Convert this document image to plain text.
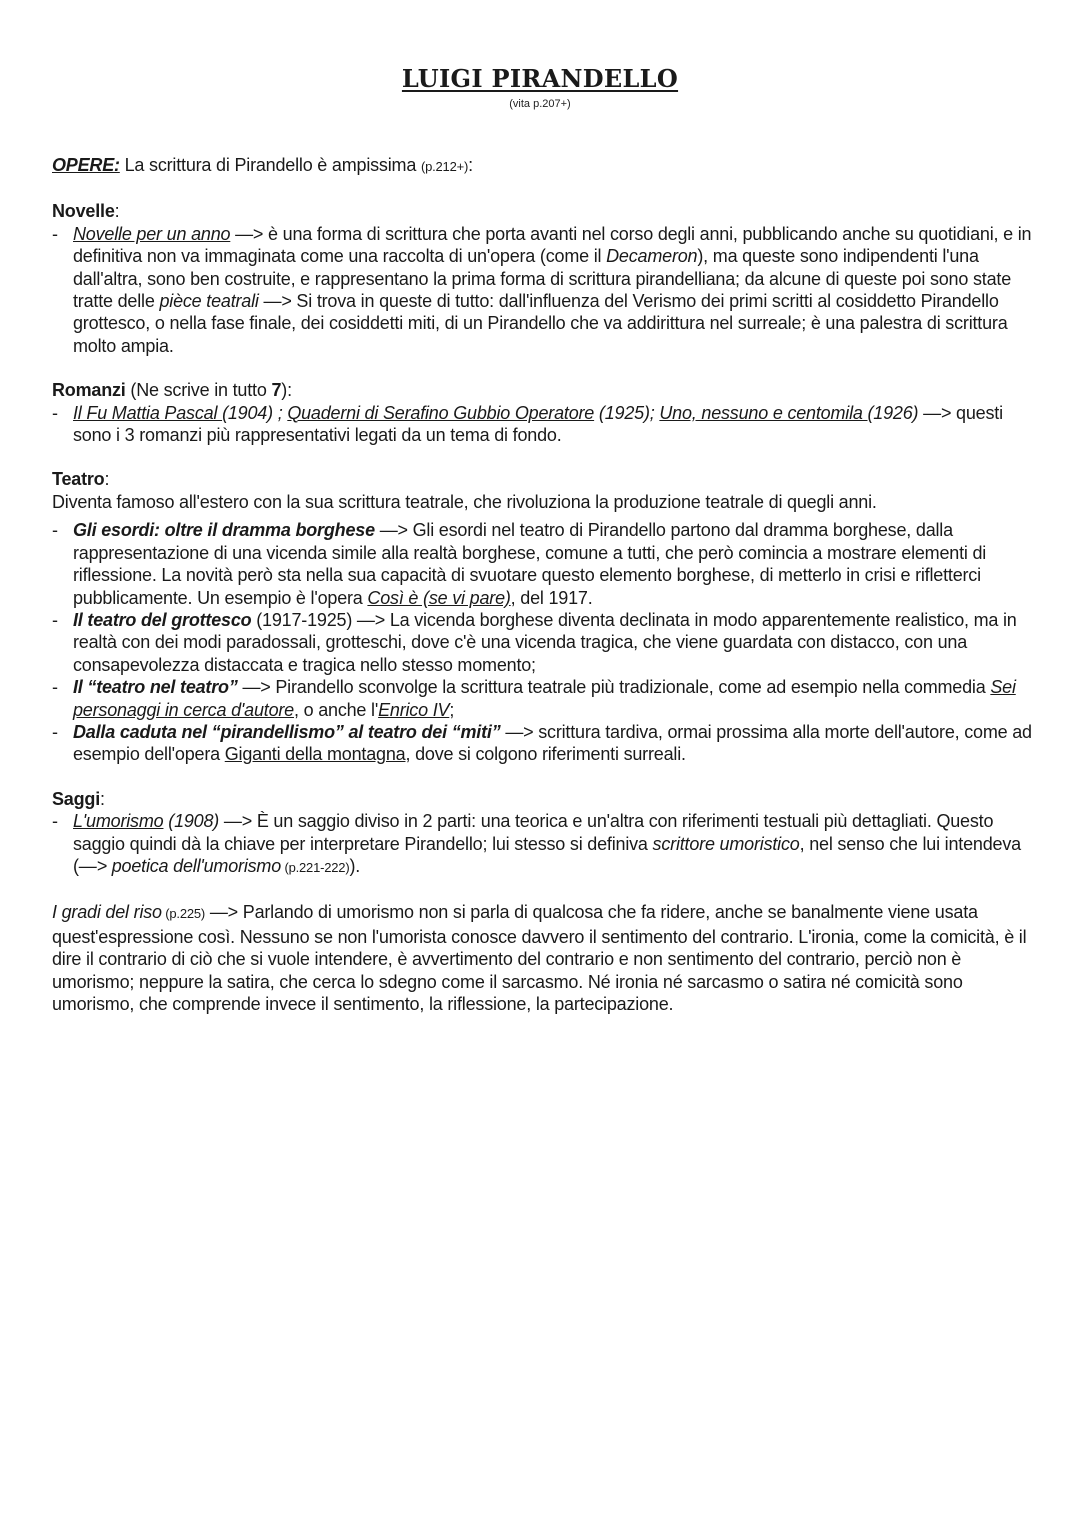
LUIGI PIRANDELLO
(vita p.207+)

OPERE: La scrittura di Pirandello è ampissima (p.212+):

Novelle:

- Novelle per un anno —> è una forma di scrittura che porta avanti nel corso degli anni, pubblicando anche su quotidiani, e in definitiva non va immaginata come una raccolta di un'opera (come il Decameron), ma queste sono indipendenti l'una dall'altra, sono ben costruite, e rappresentano la prima forma di scrittura pirandelliana; da alcune di queste poi sono state tratte delle pièce teatrali —> Si trova in queste di tutto: dall'influenza del Verismo dei primi scritti al cosiddetto Pirandello grottesco, o nella fase finale, dei cosiddetti miti, di un Pirandello che va addirittura nel surreale; è una palestra di scrittura molto ampia.

Romanzi (Ne scrive in tutto 7):

- Il Fu Mattia Pascal (1904) ; Quaderni di Serafino Gubbio Operatore (1925); Uno, nessuno e centomila (1926) —> questi sono i 3 romanzi più rappresentativi legati da un tema di fondo.

Teatro:

Diventa famoso all'estero con la sua scrittura teatrale, che rivoluziona la produzione teatrale di quegli anni.

- Gli esordi: oltre il dramma borghese —> Gli esordi nel teatro di Pirandello partono dal dramma borghese, dalla rappresentazione di una vicenda simile alla realtà borghese, comune a tutti, che però comincia a mostrare elementi di riflessione. La novità però sta nella sua capacità di svuotare questo elemento borghese, di metterlo in crisi e rifletterci pubblicamente. Un esempio è l'opera Così è (se vi pare), del 1917.
- Il teatro del grottesco (1917-1925) —> La vicenda borghese diventa declinata in modo apparentemente realistico, ma in realtà con dei modi paradossali, grotteschi, dove c'è una vicenda tragica, che viene guardata con distacco, con una consapevolezza distaccata e tragica nello stesso momento;
- Il “teatro nel teatro” —> Pirandello sconvolge la scrittura teatrale più tradizionale, come ad esempio nella commedia Sei personaggi in cerca d'autore, o anche l'Enrico IV;
- Dalla caduta nel “pirandellismo” al teatro dei “miti” —> scrittura tardiva, ormai prossima alla morte dell'autore, come ad esempio dell'opera Giganti della montagna, dove si colgono riferimenti surreali.

Saggi:

- L'umorismo (1908) —> È un saggio diviso in 2 parti: una teorica e un'altra con riferimenti testuali più dettagliati. Questo saggio quindi dà la chiave per interpretare Pirandello; lui stesso si definiva scrittore umoristico, nel senso che lui intendeva (—> poetica dell'umorismo (p.221-222)).

I gradi del riso (p.225) —> Parlando di umorismo non si parla di qualcosa che fa ridere, anche se banalmente viene usata quest'espressione così. Nessuno se non l'umorista conosce davvero il sentimento del contrario. L'ironia, come la comicità, è il dire il contrario di ciò che si vuole intendere, è avvertimento del contrario e non sentimento del contrario, perciò non è umorismo; neppure la satira, che cerca lo sdegno come il sarcasmo. Né ironia né sarcasmo o satira né comicità sono umorismo, che comprende invece il sentimento, la riflessione, la partecipazione.
